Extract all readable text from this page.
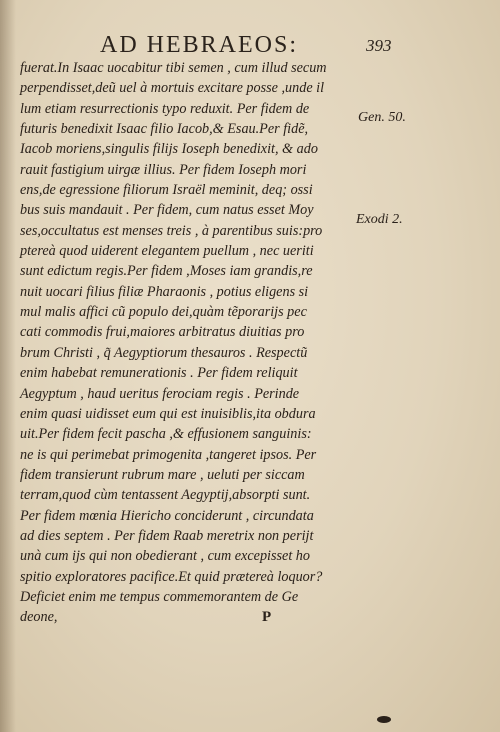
AD HEBRAEOS:	393
fuerat.In Isaac uocabitur tibi semen , cum illud secum
perpendisset,deũ uel à mortuis excitare posse ,unde il
lum etiam resurrectionis typo reduxit. Per fidem de
futuris benedixit Isaac filio Iacob,& Esau.Per fidẽ,
Iacob moriens,singulis filijs Ioseph benedixit, & ado
rauit fastigium uirgæ illius. Per fidem Ioseph mori
ens,de egressione filiorum Israël meminit, deq; ossi
bus suis mandauit . Per fidem, cum natus esset Moy
ses,occultatus est menses treis , à parentibus suis:pro
ptereà quod uiderent elegantem puellum , nec ueriti
sunt edictum regis.Per fidem ,Moses iam grandis,re
nuit uocari filius filiæ Pharaonis , potius eligens si
mul malis affici cũ populo dei,quàm tẽporarijs pec
cati commodis frui,maiores arbitratus diuitias pro
brum Christi , q̃ Aegyptiorum thesauros . Respectũ
enim habebat remunerationis . Per fidem reliquit
Aegyptum , haud ueritus ferociam regis . Perinde
enim quasi uidisset eum qui est inuisiblis,ita obdura
uit.Per fidem fecit pascha ,& effusionem sanguinis:
ne is qui perimebat primogenita ,tangeret ipsos. Per
fidem transierunt rubrum mare , ueluti per siccam
terram,quod cùm tentassent Aegyptij,absorpti sunt.
Per fidem mœnia Hiericho conciderunt , circundata
ad dies septem . Per fidem Raab meretrix non perijt
unà cum ijs qui non obedierant , cum excepisset ho
spitio exploratores pacifice.Et quid prætereà loquor?
Deficiet enim me tempus commemorantem de Ge
deone,	P
Gen. 50.
Exodi 2.
